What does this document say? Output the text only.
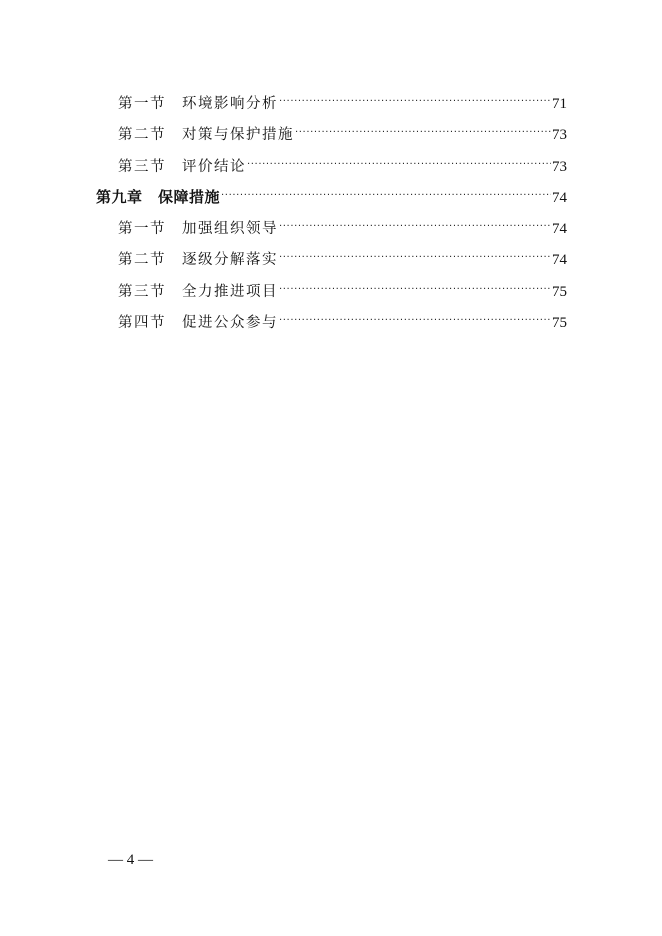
第一节	环境影响分析 .....	71
第二节	对策与保护措施 .....	73
第三节	评价结论 .....	73
第九章	保障措施 .....	74
第一节	加强组织领导 .....	74
第二节	逐级分解落实 .....	74
第三节	全力推进项目 .....	75
第四节	促进公众参与 .....	75
— 4 —
